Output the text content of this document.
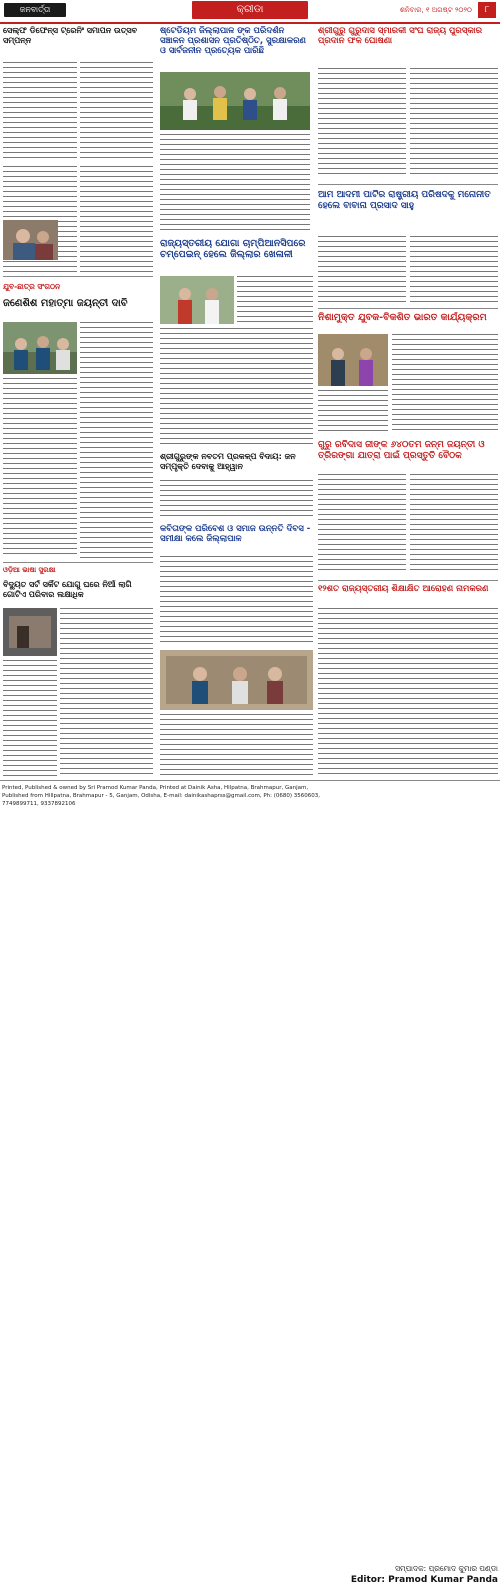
ଜନବାର୍ତ୍ତା	କ୍ରୀଡା	ଶନିବାର, ୧ ଅଗଷ୍ଟ ୨୦୨୦	୮
ସେଲ୍‌ଫ ଡିଫେନ୍ସ ଟ୍ରେନିଂ ସମାପନ ଉତ୍ସବ ସମ୍ପନ୍ନ
ଷ୍ଟେଡିୟମ ଜିଲ୍ଲାପାଳ ଙ୍କ ପରିଦର୍ଶନ ସଞ୍ଚାଳନ ପ୍ରଶାସନ ପ୍ରତିଷ୍ଠିତ, ସୁରକ୍ଷାକରଣ ଓ ସାର୍ବଜନୀନ ପ୍ରତ୍ୟେକ ପାରିଛି
ରାଜ୍ୟସ୍ତରୀୟ ଯୋଗା ଚାମ୍ପିଆନସିପରେ ଚମ୍ପେଇନ୍ ହେଲେ ଜିଲ୍ଲାର ଖେଳାଳୀ
ଶ୍ରୀଗୁରୁ ଗୁରୁଦାସ ସ୍ମାରକୀ ସଂଘ ରାଜ୍ୟ ପୁରସ୍କାର ପ୍ରଦାନ ଫଳ ଘୋଷଣା
ଆମ ଆଦମୀ ପାର୍ଟିର ରାଷ୍ଟ୍ରୀୟ ପରିଷଦକୁ ମନୋନୀତ ହେଲେ ବାବାନା ପ୍ରସାଦ ସାହୁ
ଯୁବ-ଛାତ୍ର ସଂଗଠନ
ଜଣେଶିଶ ମହାତ୍ମା ଜୟନ୍ତୀ ଦାବି
ଶ୍ରୀଗୁରୁଙ୍କ ନବତମ ପ୍ରକଳ୍ପ ବିଦାୟ: ଜନ ସମ୍ପୃକ୍ତି ଦେବାକୁ ଆହ୍ୱାନ
ନିଶାମୁକ୍ତ ଯୁବକ-ବିକଶିତ ଭାରତ କାର୍ଯ୍ୟକ୍ରମ
ଗୁରୁ ରବିଦାସ ଜୀଙ୍କ ୬୪୦ତମ ଜନ୍ମ ଜୟନ୍ତୀ ଓ ତ୍ରିରଙ୍ଗା ଯାତ୍ରା ପାଇଁ ପ୍ରସ୍ତୁତି ବୈଠକ
କବିତାଙ୍କ ପରିବେଶ ଓ ସମାଜ ଉନ୍ନତି ଦିବସ - ସମୀକ୍ଷା କଲେ ଜିଲ୍ଲାପାଳ
ଓଡ଼ିଆ ଭାଷା ସୁରକ୍ଷା
ବିଦ୍ୟୁତ ସର୍ଟ ସର୍କିଟ ଯୋଗୁ ଘରେ ନିଆଁ ଲାଗି ଗୋଟିଏ ପରିବାର ଲକ୍ଷାଧିକ
୧୨ଶତ ରାଜ୍ୟସ୍ତରୀୟ ଶିକ୍ଷାକ୍ଷିତ ଆରୋହଣ ନାମକରଣ
Printed, Published & owned by Sri Pramod Kumar Panda, Printed at Dainik Asha, Hilpatna, Brahmapur, Ganjam, Published from Hillpatna, Brahmapur - 5, Ganjam, Odisha, E-mail: dainikashaprss@gmail.com, Ph: (0680) 3560603, 7749899711, 9337892106
ସମ୍ପାଦକ: ପ୍ରମୋଦ କୁମାର ପଣ୍ଡା
Editor: Pramod Kumar Panda
